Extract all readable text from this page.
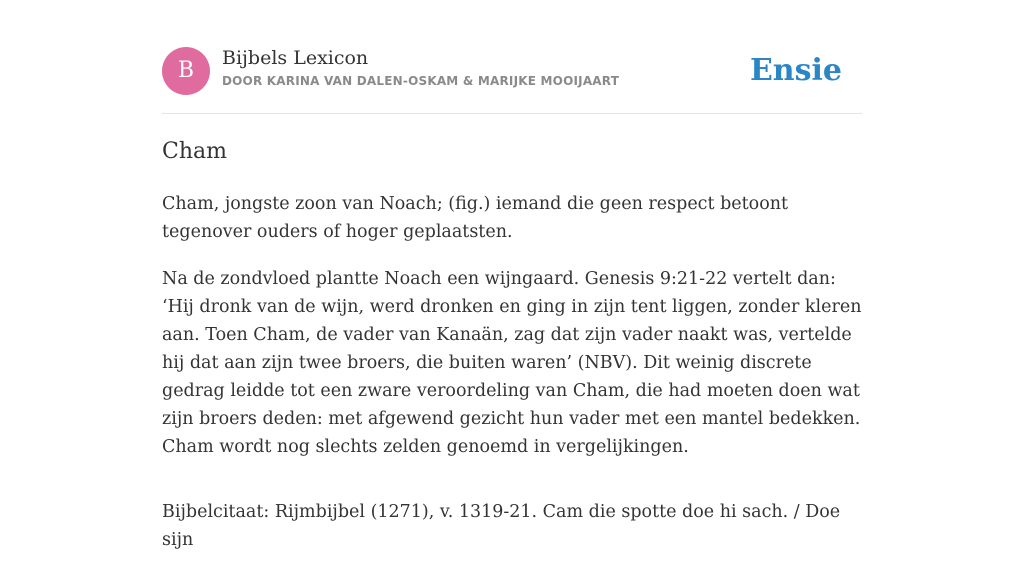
B	Bijbels Lexicon
DOOR KARINA VAN DALEN-OSKAM & MARIJKE MOOIJAART	Ensie
Cham

Cham, jongste zoon van Noach; (fig.) iemand die geen respect betoont tegenover ouders of hoger geplaatsten.

Na de zondvloed plantte Noach een wijngaard. Genesis 9:21-22 vertelt dan: ‘Hij dronk van de wijn, werd dronken en ging in zijn tent liggen, zonder kleren aan. Toen Cham, de vader van Kanaän, zag dat zijn vader naakt was, vertelde hij dat aan zijn twee broers, die buiten waren’ (NBV). Dit weinig discrete gedrag leidde tot een zware veroordeling van Cham, die had moeten doen wat zijn broers deden: met afgewend gezicht hun vader met een mantel bedekken. Cham wordt nog slechts zelden genoemd in vergelijkingen.

Bijbelcitaat: Rijmbijbel (1271), v. 1319-21. Cam die spotte doe hi sach. / Doe sijn
